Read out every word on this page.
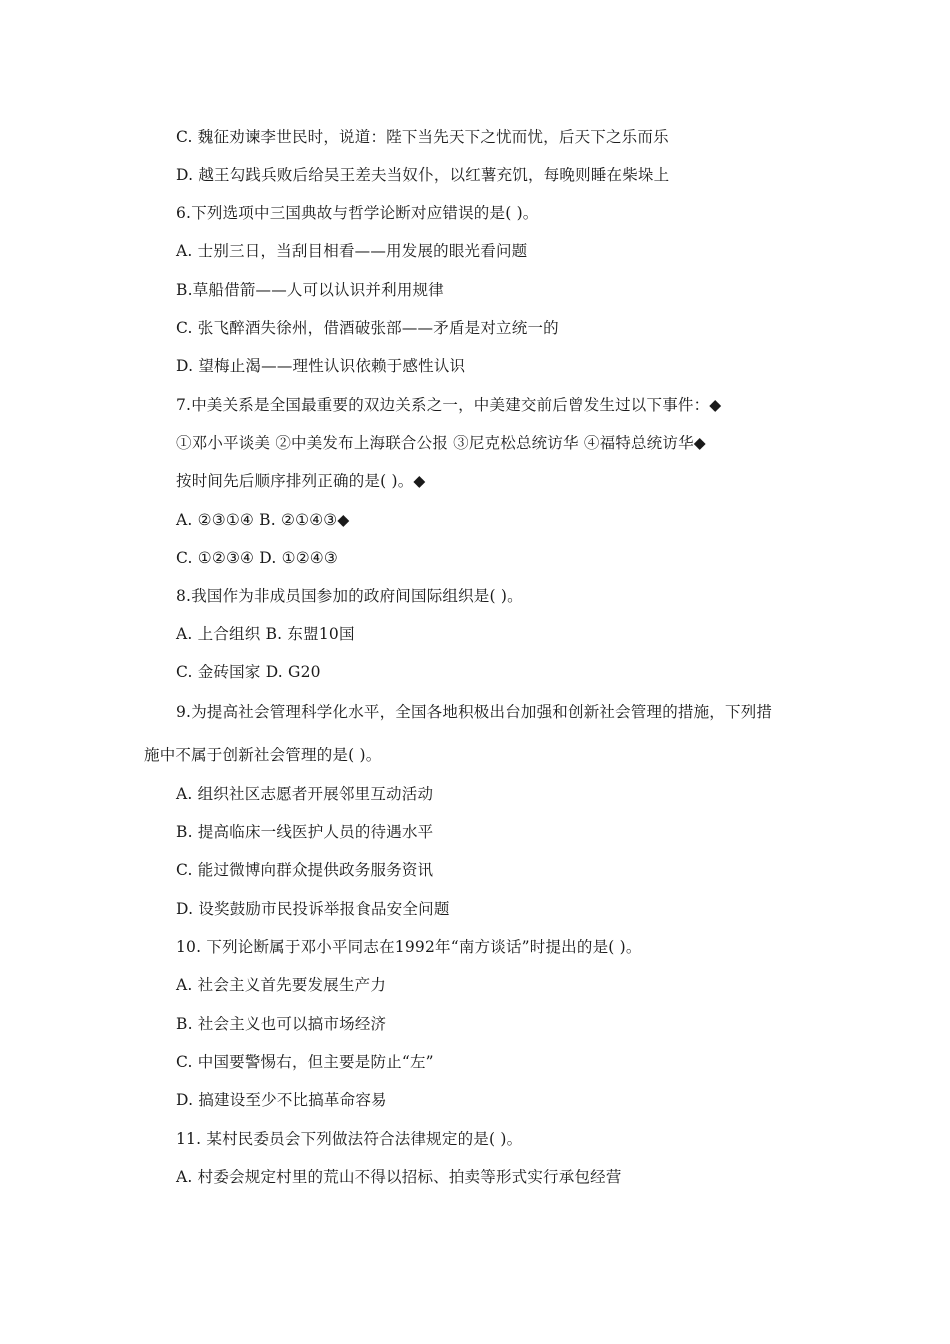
C. 魏征劝谏李世民时，说道：陛下当先天下之忧而忧，后天下之乐而乐
D. 越王勾践兵败后给吴王差夫当奴仆，以红薯充饥，每晚则睡在柴垛上
6.下列选项中三国典故与哲学论断对应错误的是( )。
A. 士别三日，当刮目相看——用发展的眼光看问题
B.草船借箭——人可以认识并利用规律
C. 张飞醉酒失徐州，借酒破张部——矛盾是对立统一的
D. 望梅止渴——理性认识依赖于感性认识
7.中美关系是全国最重要的双边关系之一，中美建交前后曾发生过以下事件：◆
①邓小平谈美 ②中美发布上海联合公报 ③尼克松总统访华 ④福特总统访华◆
按时间先后顺序排列正确的是( )。◆
A. ②③①④ B. ②①④③◆
C. ①②③④ D. ①②④③
8.我国作为非成员国参加的政府间国际组织是( )。
A. 上合组织 B. 东盟10国
C. 金砖国家 D. G20
9.为提高社会管理科学化水平，全国各地积极出台加强和创新社会管理的措施，下列措
施中不属于创新社会管理的是( )。
A. 组织社区志愿者开展邻里互动活动
B. 提高临床一线医护人员的待遇水平
C. 能过微博向群众提供政务服务资讯
D. 设奖鼓励市民投诉举报食品安全问题
10. 下列论断属于邓小平同志在1992年“南方谈话”时提出的是( )。
A. 社会主义首先要发展生产力
B. 社会主义也可以搞市场经济
C. 中国要警惕右，但主要是防止“左”
D. 搞建设至少不比搞革命容易
11. 某村民委员会下列做法符合法律规定的是( )。
A. 村委会规定村里的荒山不得以招标、拍卖等形式实行承包经营
